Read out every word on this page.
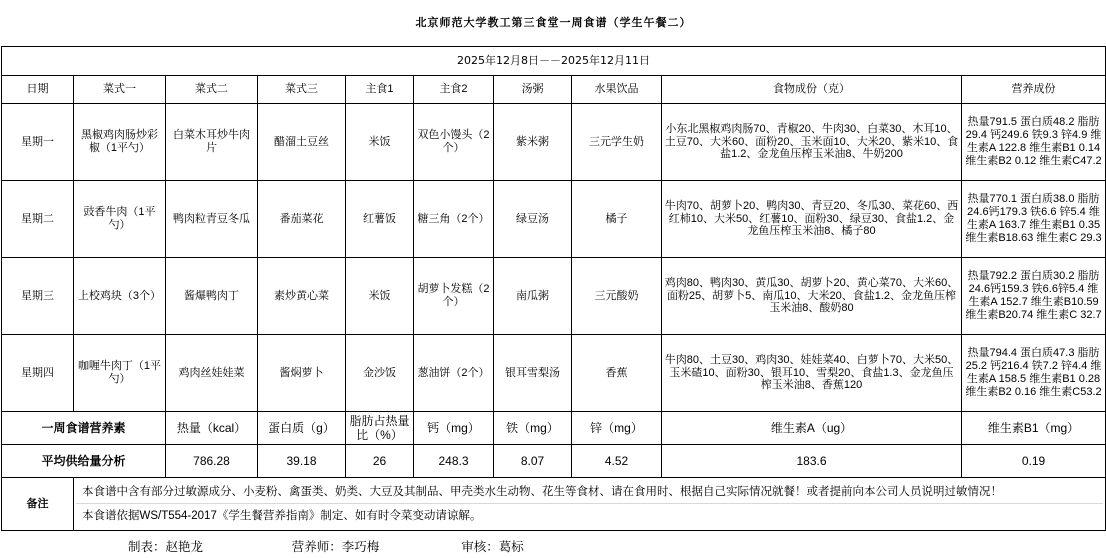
北京师范大学教工第三食堂一周食谱（学生午餐二）									
2025年12月8日－－2025年12月11日									
日期	菜式一	菜式二	菜式三	主食1	主食2	汤粥	水果饮品	食物成份（克）	营养成份
星期一	黑椒鸡肉肠炒彩椒（1平勺）	白菜木耳炒牛肉片	醋溜土豆丝	米饭	双色小馒头（2个）	紫米粥	三元学生奶	小东北黑椒鸡肉肠70、青椒20、牛肉30、白菜30、木耳10、土豆70、大米60、面粉20、玉米面10、大米20、紫米10、食盐1.2、金龙鱼压榨玉米油8、牛奶200	热量791.5 蛋白质48.2 脂肪 29.4 钙249.6 铁9.3 锌4.9 维生素A 122.8 维生素B1 0.14 维生素B2 0.12 维生素C47.2
星期二	豉香牛肉（1平勺）	鸭肉粒青豆冬瓜	番茄菜花	红薯饭	糖三角（2个）	绿豆汤	橘子	牛肉70、胡萝卜20、鸭肉30、青豆20、冬瓜30、菜花60、西红柿10、大米50、红薯10、面粉30、绿豆30、食盐1.2、金龙鱼压榨玉米油8、橘子80	热量770.1 蛋白质38.0 脂肪 24.6钙179.3 铁6.6 锌5.4 维生素A 163.7 维生素B1 0.35 维生素B18.63 维生素C 29.3
星期三	上校鸡块（3个）	酱爆鸭肉丁	素炒黄心菜	米饭	胡萝卜发糕（2个）	南瓜粥	三元酸奶	鸡肉80、鸭肉30、黄瓜30、胡萝卜20、黄心菜70、大米60、面粉25、胡萝卜5、南瓜10、大米20、食盐1.2、金龙鱼压榨玉米油8、酸奶80	热量792.2 蛋白质30.2 脂肪 24.6钙159.3 铁6.6锌5.4 维生素A 152.7 维生素B10.59 维生素B20.74 维生素C 32.7
星期四	咖喱牛肉丁（1平勺）	鸡肉丝娃娃菜	酱焖萝卜	金沙饭	葱油饼（2个）	银耳雪梨汤	香蕉	牛肉80、土豆30、鸡肉30、娃娃菜40、白萝卜70、大米50、玉米碴10、面粉30、银耳10、雪梨20、食盐1.3、金龙鱼压榨玉米油8、香蕉120	热量794.4 蛋白质47.3 脂肪 25.2 钙216.4 铁7.2 锌4.4 维生素A 158.5 维生素B1 0.28 维生素B2 0.16 维生素C53.2
一周食谱营养素		热量（kcal）	蛋白质（g）	脂肪占热量比（%）	钙（mg）	铁（mg）	锌（mg）	维生素A（ug）	维生素B1（mg）
平均供给量分析		786.28	39.18	26	248.3	8.07	4.52	183.6	0.19
备注	本食谱中含有部分过敏源成分、小麦粉、禽蛋类、奶类、大豆及其制品、甲壳类水生动物、花生等食材、请在食用时、根据自己实际情况就餐！或者提前向本公司人员说明过敏情况！
本食谱依据WS/T554-2017《学生餐营养指南》制定、如有时令菜变动请谅解。								

	制表：赵艳龙		营养师：李巧梅		审核：葛标				
